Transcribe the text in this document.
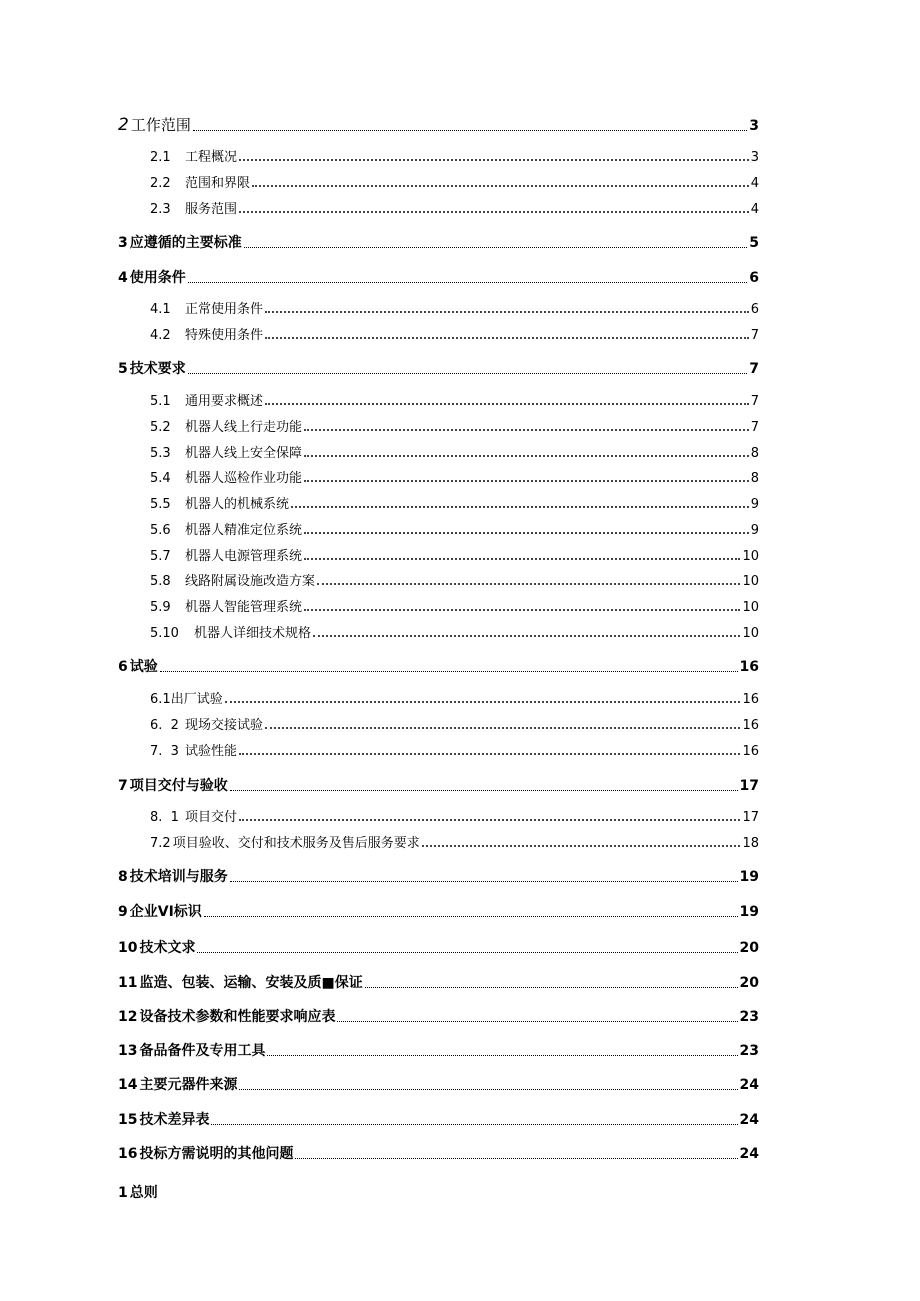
2 工作范围	3
2.1	工程概况	3
2.2	范围和界限	4
2.3	服务范围	4
3 应遵循的主要标准	5
4 使用条件	6
4.1	正常使用条件	6
4.2	特殊使用条件	7
5 技术要求	7
5.1	通用要求概述	7
5.2	机器人线上行走功能	7
5.3	机器人线上安全保障	8
5.4	机器人巡检作业功能	8
5.5	机器人的机械系统	9
5.6	机器人精准定位系统	9
5.7	机器人电源管理系统	10
5.8	线路附属设施改造方案	10
5.9	机器人智能管理系统	10
5.10	机器人详细技术规格	10
6 试验	16
6.1 出厂试验	16
6.  2 现场交接试验	16
7.  3 试验性能	16
7 项目交付与验收	17
8.  1 项目交付	17
7.2 项目验收、交付和技术服务及售后服务要求	18
8 技术培训与服务	19
9 企业VI标识	19
10 技术文求	20
11 监造、包装、运输、安装及质■保证	20
12 设备技术参数和性能要求响应表	23
13 备品备件及专用工具	23
14 主要元器件来源	24
15 技术差异表	24
16 投标方需说明的其他问题	24
1 总则
